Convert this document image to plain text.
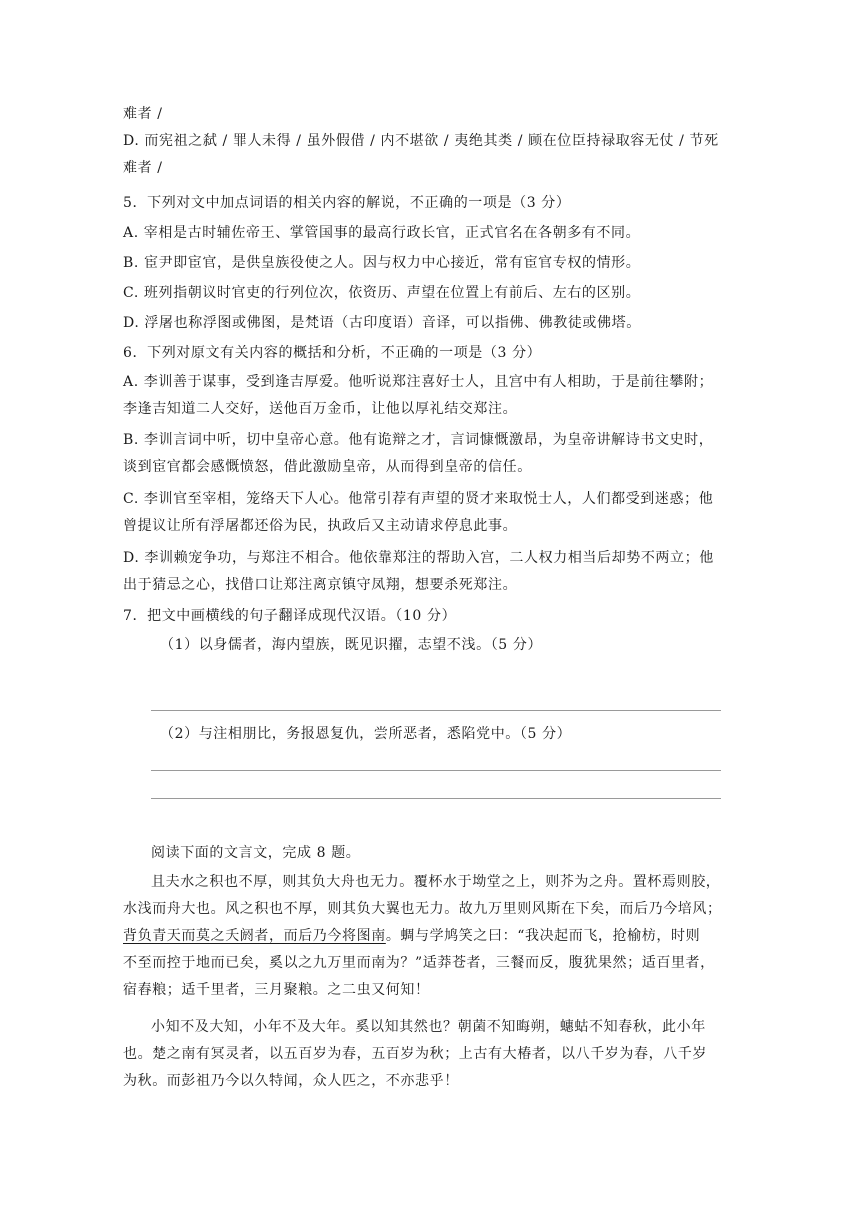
难者 /
D. 而宪祖之弑 / 罪人未得 / 虽外假借 / 内不堪欲 / 夷绝其类 / 顾在位臣持禄取容无仗 / 节死
难者 /
5．下列对文中加点词语的相关内容的解说，不正确的一项是（3 分）
A. 宰相是古时辅佐帝王、掌管国事的最高行政长官，正式官名在各朝多有不同。
B. 宦尹即宦官，是供皇族役使之人。因与权力中心接近，常有宦官专权的情形。
C. 班列指朝议时官吏的行列位次，依资历、声望在位置上有前后、左右的区别。
D. 浮屠也称浮图或佛图，是梵语（古印度语）音译，可以指佛、佛教徒或佛塔。
6．下列对原文有关内容的概括和分析，不正确的一项是（3 分）
A. 李训善于谋事，受到逢吉厚爱。他听说郑注喜好士人，且宫中有人相助，于是前往攀附；
李逢吉知道二人交好，送他百万金币，让他以厚礼结交郑注。
B. 李训言词中听，切中皇帝心意。他有诡辩之才，言词慷慨激昂，为皇帝讲解诗书文史时，
谈到宦官都会感慨愤怒，借此激励皇帝，从而得到皇帝的信任。
C. 李训官至宰相，笼络天下人心。他常引荐有声望的贤才来取悦士人，人们都受到迷惑；他
曾提议让所有浮屠都还俗为民，执政后又主动请求停息此事。
D. 李训赖宠争功，与郑注不相合。他依靠郑注的帮助入宫，二人权力相当后却势不两立；他
出于猜忌之心，找借口让郑注离京镇守凤翔，想要杀死郑注。
7．把文中画横线的句子翻译成现代汉语。（10 分）
（1）以身儒者，海内望族，既见识擢，志望不浅。（5 分）
（2）与注相朋比，务报恩复仇，尝所恶者，悉陷党中。（5 分）
阅读下面的文言文，完成 8 题。
且夫水之积也不厚，则其负大舟也无力。覆杯水于坳堂之上，则芥为之舟。置杯焉则胶，
水浅而舟大也。风之积也不厚，则其负大翼也无力。故九万里则风斯在下矣，而后乃今培风；
背负青天而莫之夭阏者，而后乃今将图南。蜩与学鸠笑之曰：“我决起而飞，抢榆枋，时则
不至而控于地而已矣，奚以之九万里而南为？”适莽苍者，三餐而反，腹犹果然；适百里者，
宿舂粮；适千里者，三月聚粮。之二虫又何知！
小知不及大知，小年不及大年。奚以知其然也？朝菌不知晦朔，蟪蛄不知春秋，此小年
也。楚之南有冥灵者，以五百岁为春，五百岁为秋；上古有大椿者，以八千岁为春，八千岁
为秋。而彭祖乃今以久特闻，众人匹之，不亦悲乎！
